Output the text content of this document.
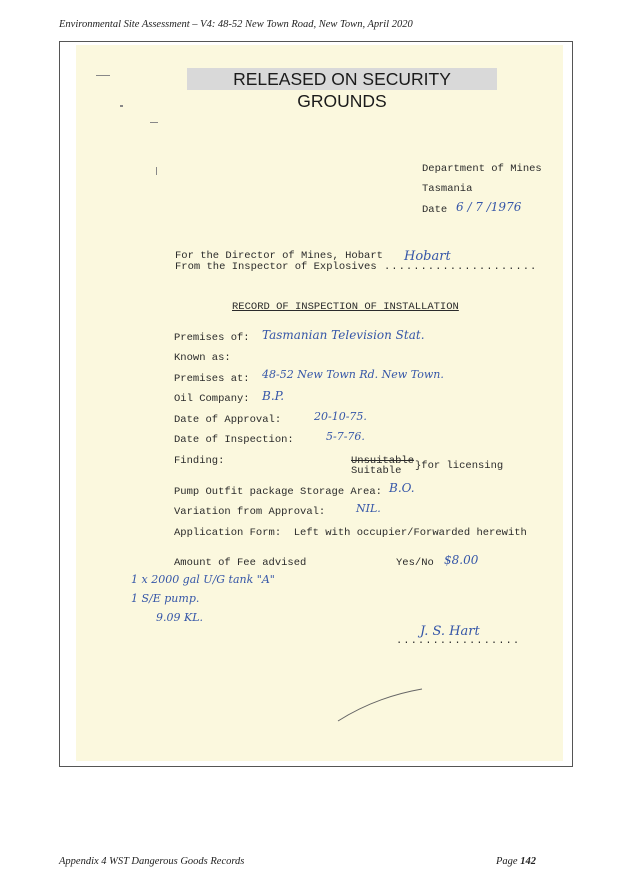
Environmental Site Assessment – V4: 48-52 New Town Road, New Town, April 2020
RELEASED ON SECURITY GROUNDS
Department of Mines
Tasmania
Date 6 / 7 /1976
For the Director of Mines, Hobart
From the Inspector of Explosives .....................
Hobart
RECORD OF INSPECTION OF INSTALLATION
Premises of: Tasmanian Television Stat.
Known as:
Premises at: 48-52 New Town Rd. New Town.
Oil Company: B.P.
Date of Approval:	20-10-75.
Date of Inspection:	5-7-76.
Finding:	Unsuitable
Suitable }for licensing
Pump Outfit package Storage Area: B.O.
Variation from Approval:	NIL.
Application Form:  Left with occupier/Forwarded herewith
Amount of Fee advised	Yes/No $8.00
1 x 2000 gal U/G tank "A"
1 S/E pump.
9.09 KL.
.................
J. S. Hart
Appendix 4 WST Dangerous Goods Records	Page 142
